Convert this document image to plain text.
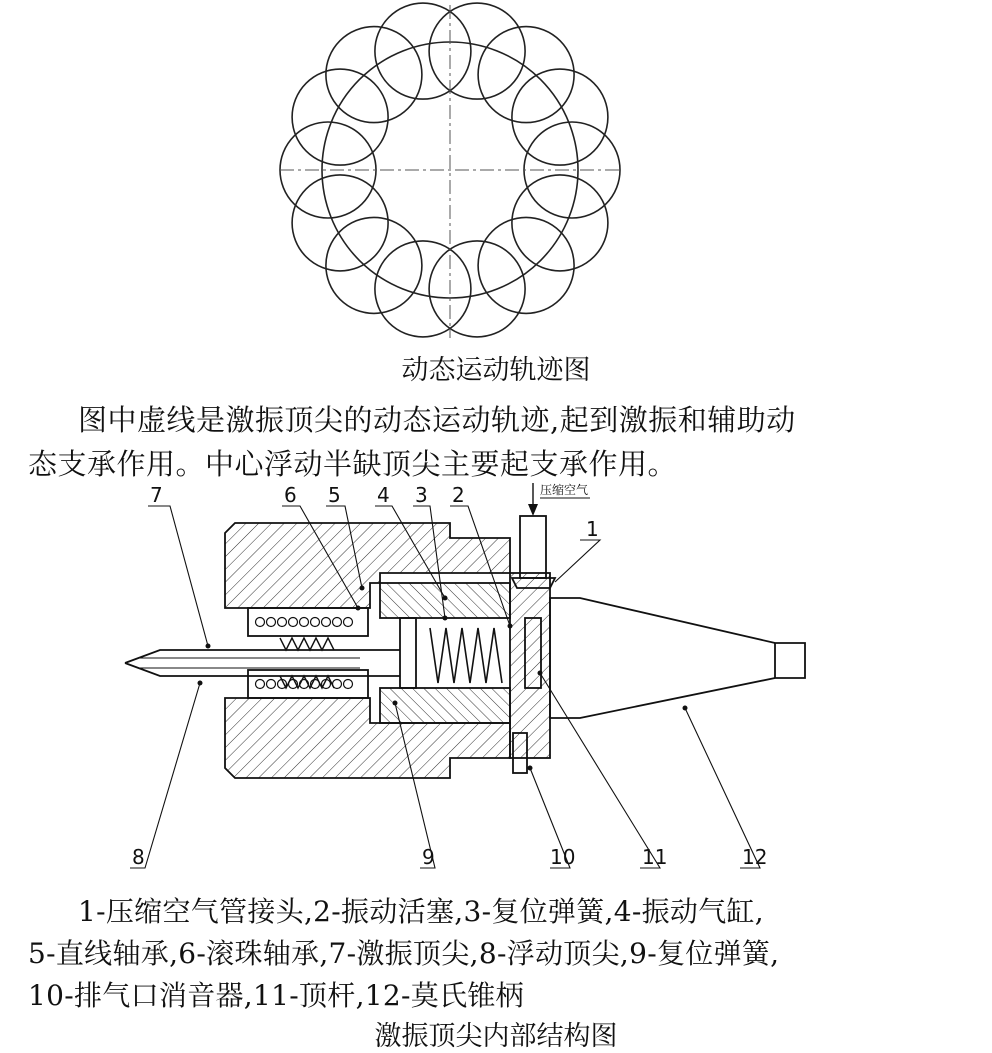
动态运动轨迹图
图中虚线是激振顶尖的动态运动轨迹,起到激振和辅助动
态支承作用。中心浮动半缺顶尖主要起支承作用。
压缩空气
7	6 5 4 3 2
1
8	9	10	11	12
1-压缩空气管接头,2-振动活塞,3-复位弹簧,4-振动气缸,
5-直线轴承,6-滚珠轴承,7-激振顶尖,8-浮动顶尖,9-复位弹簧,
10-排气口消音器,11-顶杆,12-莫氏锥柄
激振顶尖内部结构图
